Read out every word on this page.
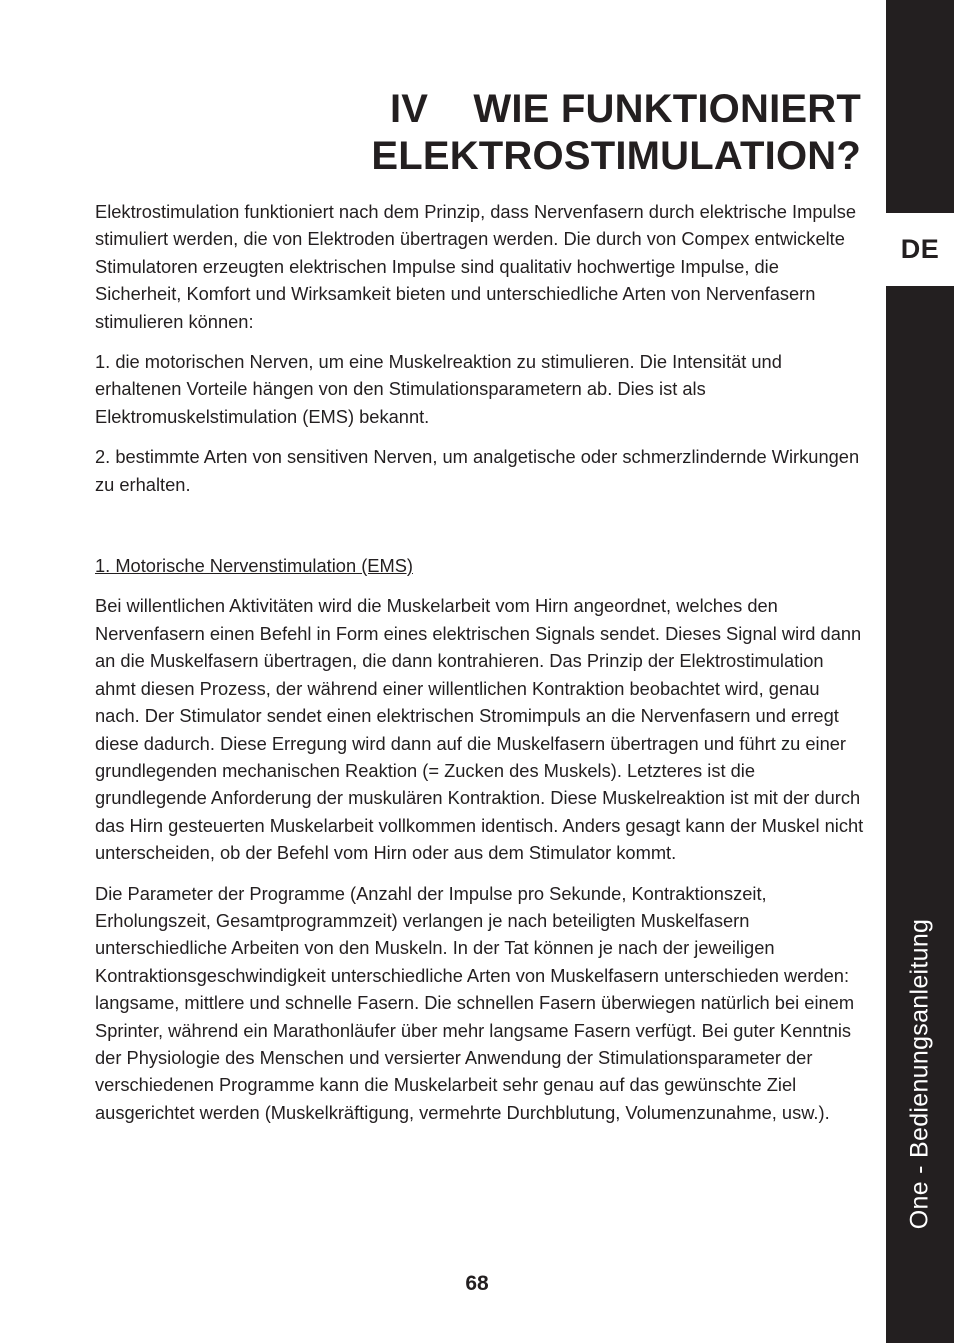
DE
One - Bedienungsanleitung
IV    WIE FUNKTIONIERT
ELEKTROSTIMULATION?

Elektrostimulation funktioniert nach dem Prinzip, dass Nervenfasern durch elektrische Impulse stimuliert werden, die von Elektroden übertragen werden. Die durch von Compex entwickelte Stimulatoren erzeugten elektrischen Impulse sind qualitativ hochwertige Impulse, die Sicherheit, Komfort und Wirksamkeit bieten und unterschiedliche Arten von Nervenfasern stimulieren können:

1. die motorischen Nerven, um eine Muskelreaktion zu stimulieren. Die Intensität und erhaltenen Vorteile hängen von den Stimulationsparametern ab. Dies ist als Elektromuskelstimulation (EMS) bekannt.

2. bestimmte Arten von sensitiven Nerven, um analgetische oder schmerzlindernde Wirkungen zu erhalten.

1. Motorische Nervenstimulation (EMS)

Bei willentlichen Aktivitäten wird die Muskelarbeit vom Hirn angeordnet, welches den Nervenfasern einen Befehl in Form eines elektrischen Signals sendet. Dieses Signal wird dann an die Muskelfasern übertragen, die dann kontrahieren. Das Prinzip der Elektrostimulation ahmt diesen Prozess, der während einer willentlichen Kontraktion beobachtet wird, genau nach. Der Stimulator sendet einen elektrischen Stromimpuls an die Nervenfasern und erregt diese dadurch. Diese Erregung wird dann auf die Muskelfasern übertragen und führt zu einer grundlegenden mechanischen Reaktion (= Zucken des Muskels). Letzteres ist die grundlegende Anforderung der muskulären Kontraktion. Diese Muskelreaktion ist mit der durch das Hirn gesteuerten Muskelarbeit vollkommen identisch. Anders gesagt kann der Muskel nicht unterscheiden, ob der Befehl vom Hirn oder aus dem Stimulator kommt.

Die Parameter der Programme (Anzahl der Impulse pro Sekunde, Kontraktionszeit, Erholungszeit, Gesamtprogrammzeit) verlangen je nach beteiligten Muskelfasern unterschiedliche Arbeiten von den Muskeln. In der Tat können je nach der jeweiligen Kontraktionsgeschwindigkeit unterschiedliche Arten von Muskelfasern unterschieden werden: langsame, mittlere und schnelle Fasern. Die schnellen Fasern überwiegen natürlich bei einem Sprinter, während ein Marathonläufer über mehr langsame Fasern verfügt. Bei guter Kenntnis der Physiologie des Menschen und versierter Anwendung der Stimulationsparameter der verschiedenen Programme kann die Muskelarbeit sehr genau auf das gewünschte Ziel ausgerichtet werden (Muskelkräftigung, vermehrte Durchblutung, Volumenzunahme, usw.).

68
